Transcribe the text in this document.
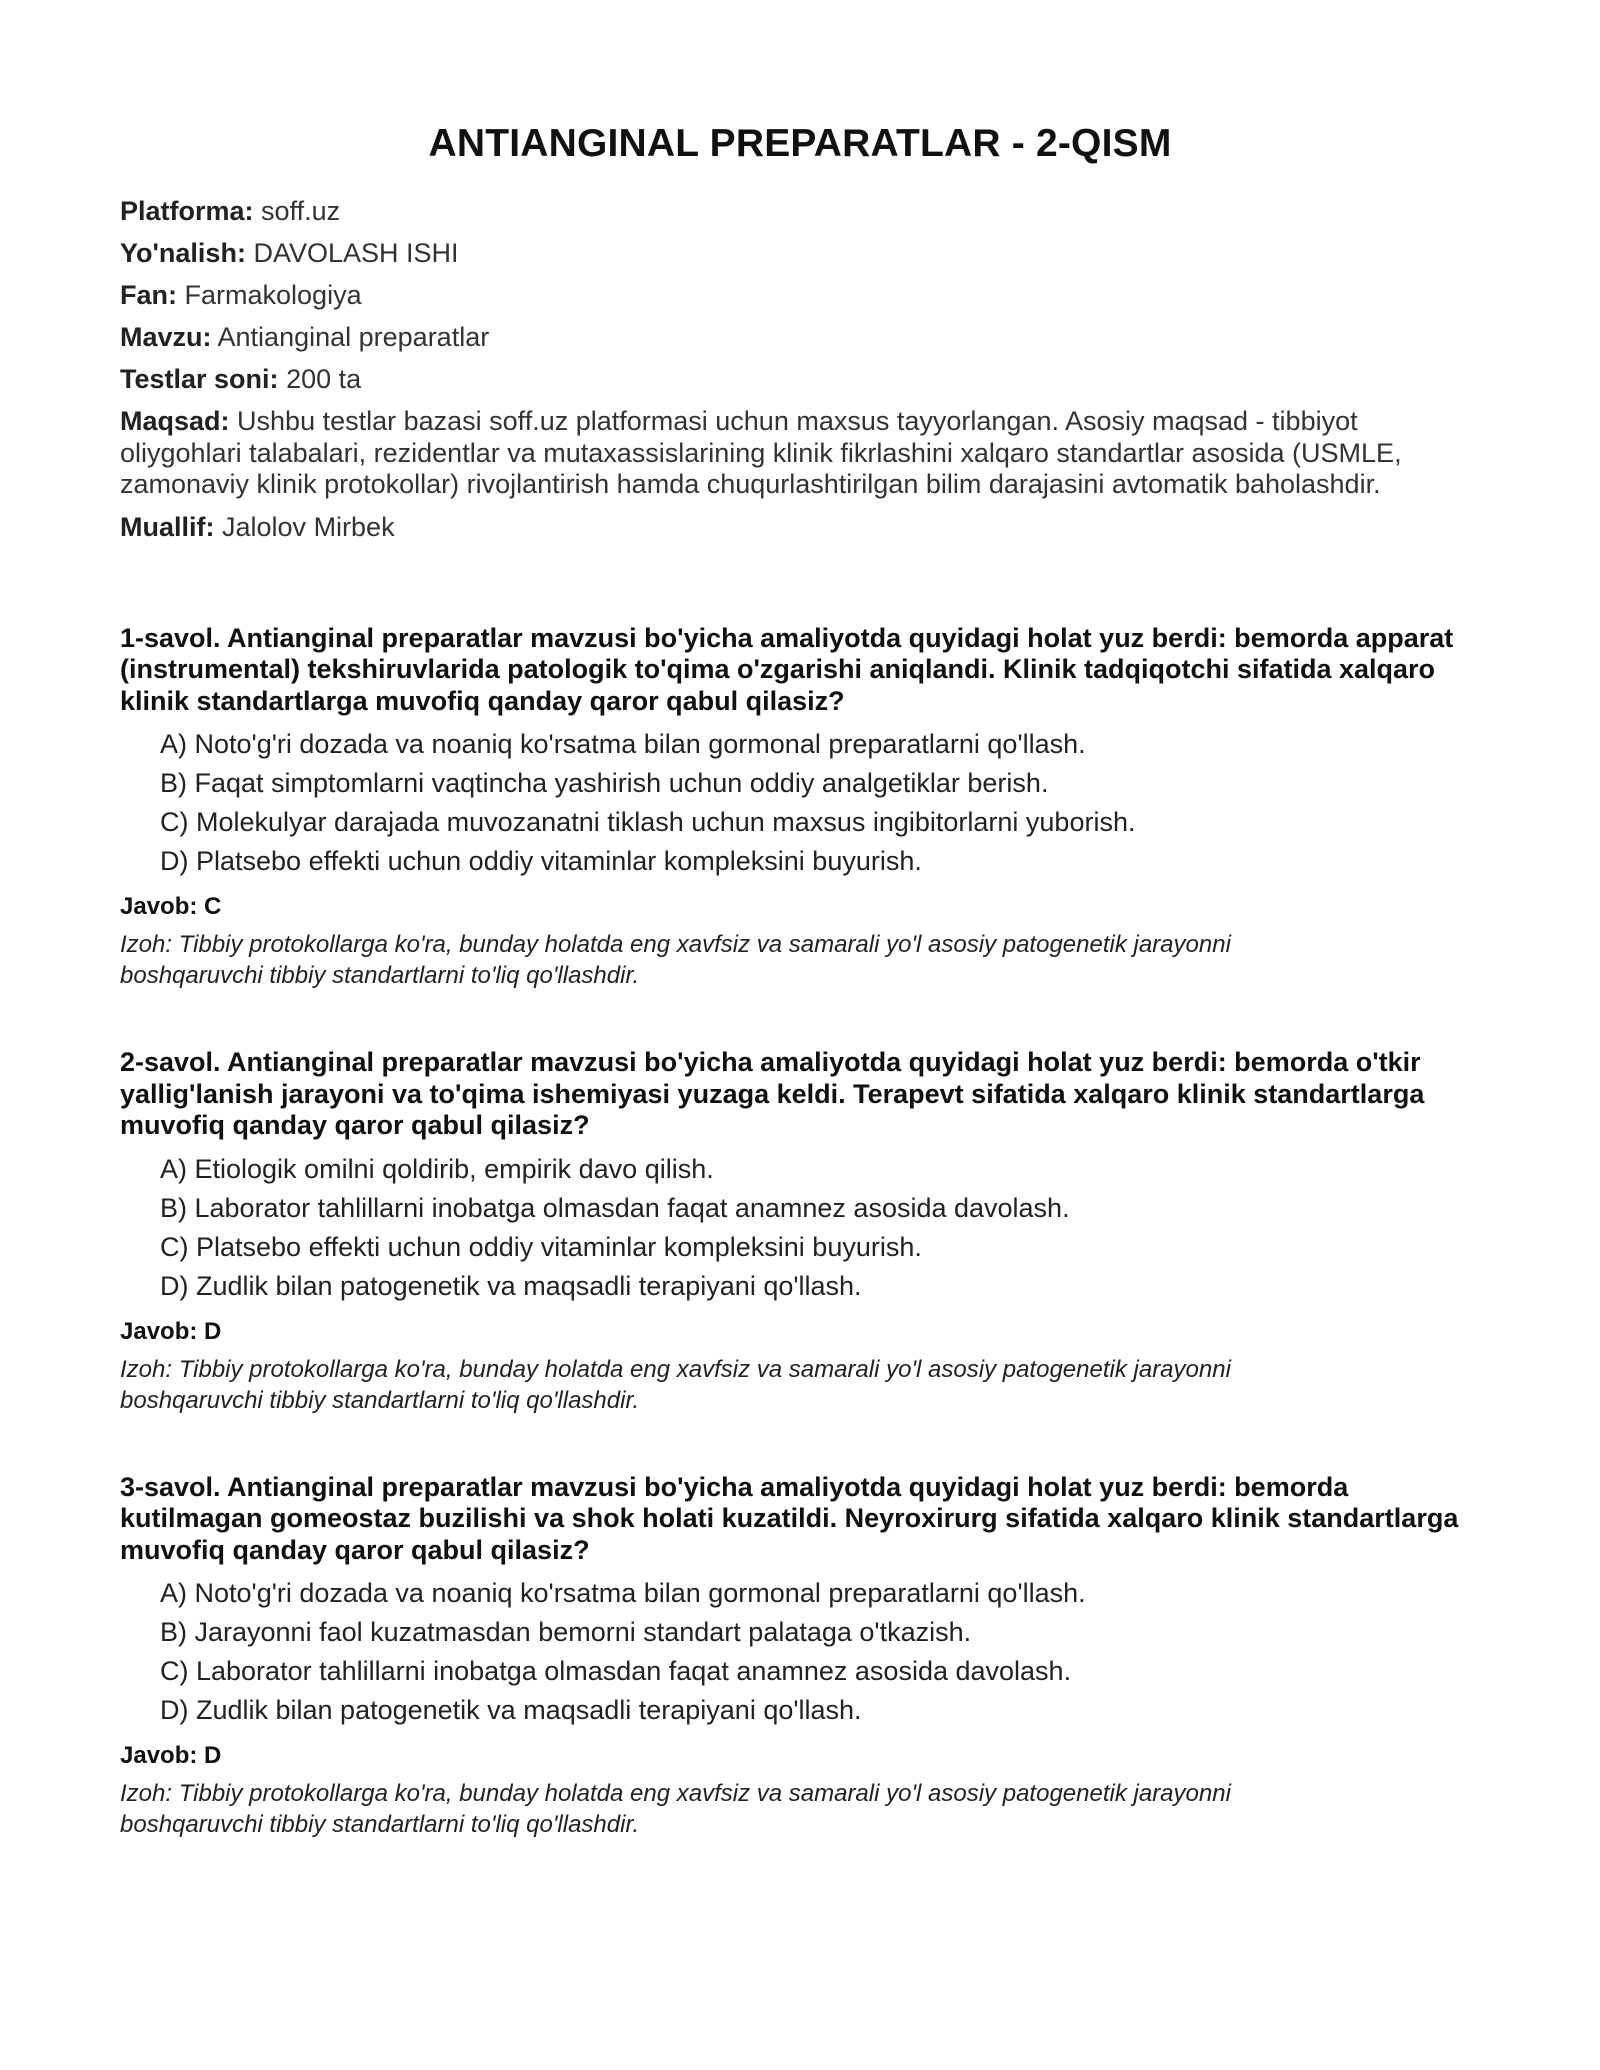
ANTIANGINAL PREPARATLAR - 2-QISM
Platforma: soff.uz
Yo'nalish: DAVOLASH ISHI
Fan: Farmakologiya
Mavzu: Antianginal preparatlar
Testlar soni: 200 ta
Maqsad: Ushbu testlar bazasi soff.uz platformasi uchun maxsus tayyorlangan. Asosiy maqsad - tibbiyot oliygohlari talabalari, rezidentlar va mutaxassislarining klinik fikrlashini xalqaro standartlar asosida (USMLE, zamonaviy klinik protokollar) rivojlantirish hamda chuqurlashtirilgan bilim darajasini avtomatik baholashdir.
Muallif: Jalolov Mirbek
1-savol. Antianginal preparatlar mavzusi bo'yicha amaliyotda quyidagi holat yuz berdi: bemorda apparat (instrumental) tekshiruvlarida patologik to'qima o'zgarishi aniqlandi. Klinik tadqiqotchi sifatida xalqaro klinik standartlarga muvofiq qanday qaror qabul qilasiz?
A) Noto'g'ri dozada va noaniq ko'rsatma bilan gormonal preparatlarni qo'llash.
B) Faqat simptomlarni vaqtincha yashirish uchun oddiy analgetiklar berish.
C) Molekulyar darajada muvozanatni tiklash uchun maxsus ingibitorlarni yuborish.
D) Platsebo effekti uchun oddiy vitaminlar kompleksini buyurish.
Javob: C
Izoh: Tibbiy protokollarga ko'ra, bunday holatda eng xavfsiz va samarali yo'l asosiy patogenetik jarayonni boshqaruvchi tibbiy standartlarni to'liq qo'llashdir.
2-savol. Antianginal preparatlar mavzusi bo'yicha amaliyotda quyidagi holat yuz berdi: bemorda o'tkir yallig'lanish jarayoni va to'qima ishemiyasi yuzaga keldi. Terapevt sifatida xalqaro klinik standartlarga muvofiq qanday qaror qabul qilasiz?
A) Etiologik omilni qoldirib, empirik davo qilish.
B) Laborator tahlillarni inobatga olmasdan faqat anamnez asosida davolash.
C) Platsebo effekti uchun oddiy vitaminlar kompleksini buyurish.
D) Zudlik bilan patogenetik va maqsadli terapiyani qo'llash.
Javob: D
Izoh: Tibbiy protokollarga ko'ra, bunday holatda eng xavfsiz va samarali yo'l asosiy patogenetik jarayonni boshqaruvchi tibbiy standartlarni to'liq qo'llashdir.
3-savol. Antianginal preparatlar mavzusi bo'yicha amaliyotda quyidagi holat yuz berdi: bemorda kutilmagan gomeostaz buzilishi va shok holati kuzatildi. Neyroxirurg sifatida xalqaro klinik standartlarga muvofiq qanday qaror qabul qilasiz?
A) Noto'g'ri dozada va noaniq ko'rsatma bilan gormonal preparatlarni qo'llash.
B) Jarayonni faol kuzatmasdan bemorni standart palataga o'tkazish.
C) Laborator tahlillarni inobatga olmasdan faqat anamnez asosida davolash.
D) Zudlik bilan patogenetik va maqsadli terapiyani qo'llash.
Javob: D
Izoh: Tibbiy protokollarga ko'ra, bunday holatda eng xavfsiz va samarali yo'l asosiy patogenetik jarayonni boshqaruvchi tibbiy standartlarni to'liq qo'llashdir.
